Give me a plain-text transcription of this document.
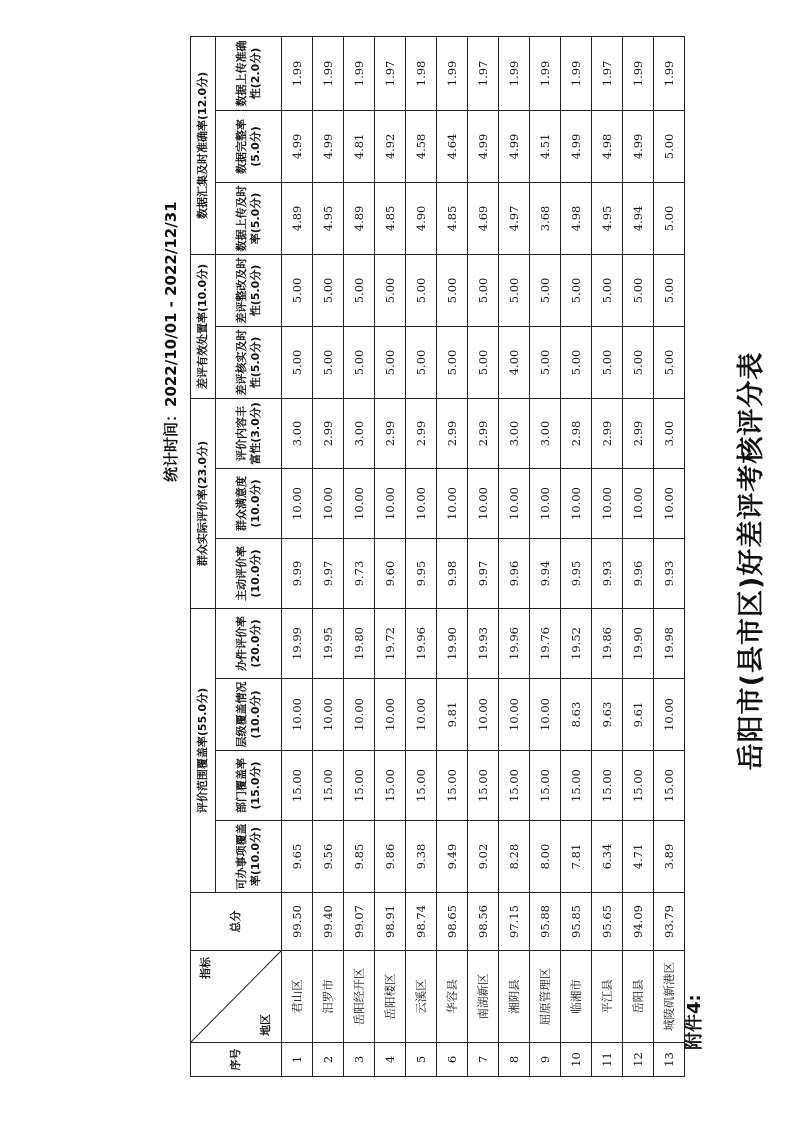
附件4:
岳阳市(县市区)好差评考核评分表
统计时间：2022/10/01 - 2022/12/31
序号	指标
地区	总分	评价范围覆盖率(55.0分)				群众实际评价率(23.0分)			差评有效处置率(10.0分)		数据汇集及时准确率(12.0分)		
			可办事项覆盖率(10.0分)	部门覆盖率(15.0分)	层级覆盖情况(10.0分)	办件评价率(20.0分)	主动评价率(10.0分)	群众满意度(10.0分)	评价内容丰富性(3.0分)	差评核实及时性(5.0分)	差评整改及时性(5.0分)	数据上传及时率(5.0分)	数据完整率(5.0分)	数据上传准确性(2.0分)
1	君山区	99.50	9.65	15.00	10.00	19.99	9.99	10.00	3.00	5.00	5.00	4.89	4.99	1.99
2	汨罗市	99.40	9.56	15.00	10.00	19.95	9.97	10.00	2.99	5.00	5.00	4.95	4.99	1.99
3	岳阳经开区	99.07	9.85	15.00	10.00	19.80	9.73	10.00	3.00	5.00	5.00	4.89	4.81	1.99
4	岳阳楼区	98.91	9.86	15.00	10.00	19.72	9.60	10.00	2.99	5.00	5.00	4.85	4.92	1.97
5	云溪区	98.74	9.38	15.00	10.00	19.96	9.95	10.00	2.99	5.00	5.00	4.90	4.58	1.98
6	华容县	98.65	9.49	15.00	9.81	19.90	9.98	10.00	2.99	5.00	5.00	4.85	4.64	1.99
7	南湖新区	98.56	9.02	15.00	10.00	19.93	9.97	10.00	2.99	5.00	5.00	4.69	4.99	1.97
8	湘阴县	97.15	8.28	15.00	10.00	19.96	9.96	10.00	3.00	4.00	5.00	4.97	4.99	1.99
9	屈原管理区	95.88	8.00	15.00	10.00	19.76	9.94	10.00	3.00	5.00	5.00	3.68	4.51	1.99
10	临湘市	95.85	7.81	15.00	8.63	19.52	9.95	10.00	2.98	5.00	5.00	4.98	4.99	1.99
11	平江县	95.65	6.34	15.00	9.63	19.86	9.93	10.00	2.99	5.00	5.00	4.95	4.98	1.97
12	岳阳县	94.09	4.71	15.00	9.61	19.90	9.96	10.00	2.99	5.00	5.00	4.94	4.99	1.99
13	城陵矶新港区	93.79	3.89	15.00	10.00	19.98	9.93	10.00	3.00	5.00	5.00	5.00	5.00	1.99
